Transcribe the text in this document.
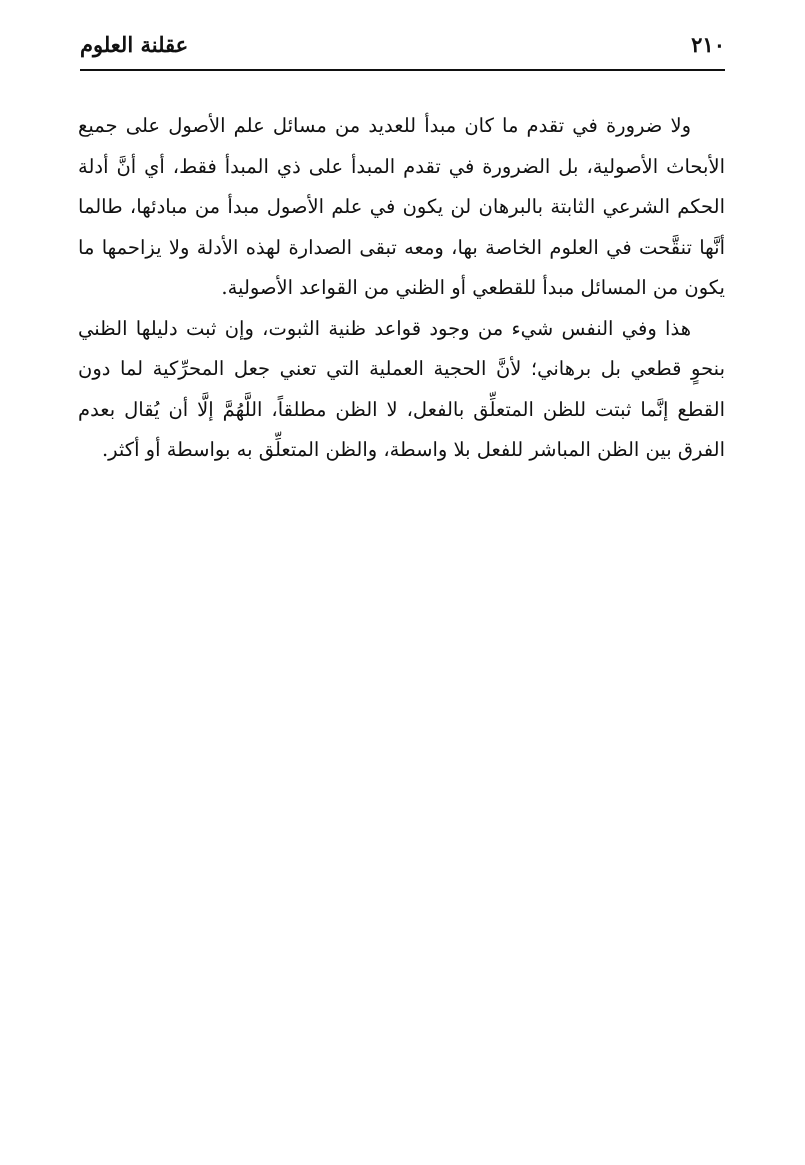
٢١٠
عقلنة العلوم

ولا ضرورة في تقدم ما كان مبدأ للعديد من مسائل علم الأصول على جميع الأبحاث الأصولية، بل الضرورة في تقدم المبدأ على ذي المبدأ فقط، أي أنَّ أدلة الحكم الشرعي الثابتة بالبرهان لن يكون في علم الأصول مبدأ من مبادئها، طالما أنَّها تنقَّحت في العلوم الخاصة بها، ومعه تبقى الصدارة لهذه الأدلة ولا يزاحمها ما يكون من المسائل مبدأ للقطعي أو الظني من القواعد الأصولية.

هذا وفي النفس شيء من وجود قواعد ظنية الثبوت، وإن ثبت دليلها الظني بنحوٍ قطعي بل برهاني؛ لأنَّ الحجية العملية التي تعني جعل المحرِّكية لما دون القطع إنَّما ثبتت للظن المتعلِّق بالفعل، لا الظن مطلقاً، اللَّهُمَّ إلَّا أن يُقال بعدم الفرق بين الظن المباشر للفعل بلا واسطة، والظن المتعلِّق به بواسطة أو أكثر.
